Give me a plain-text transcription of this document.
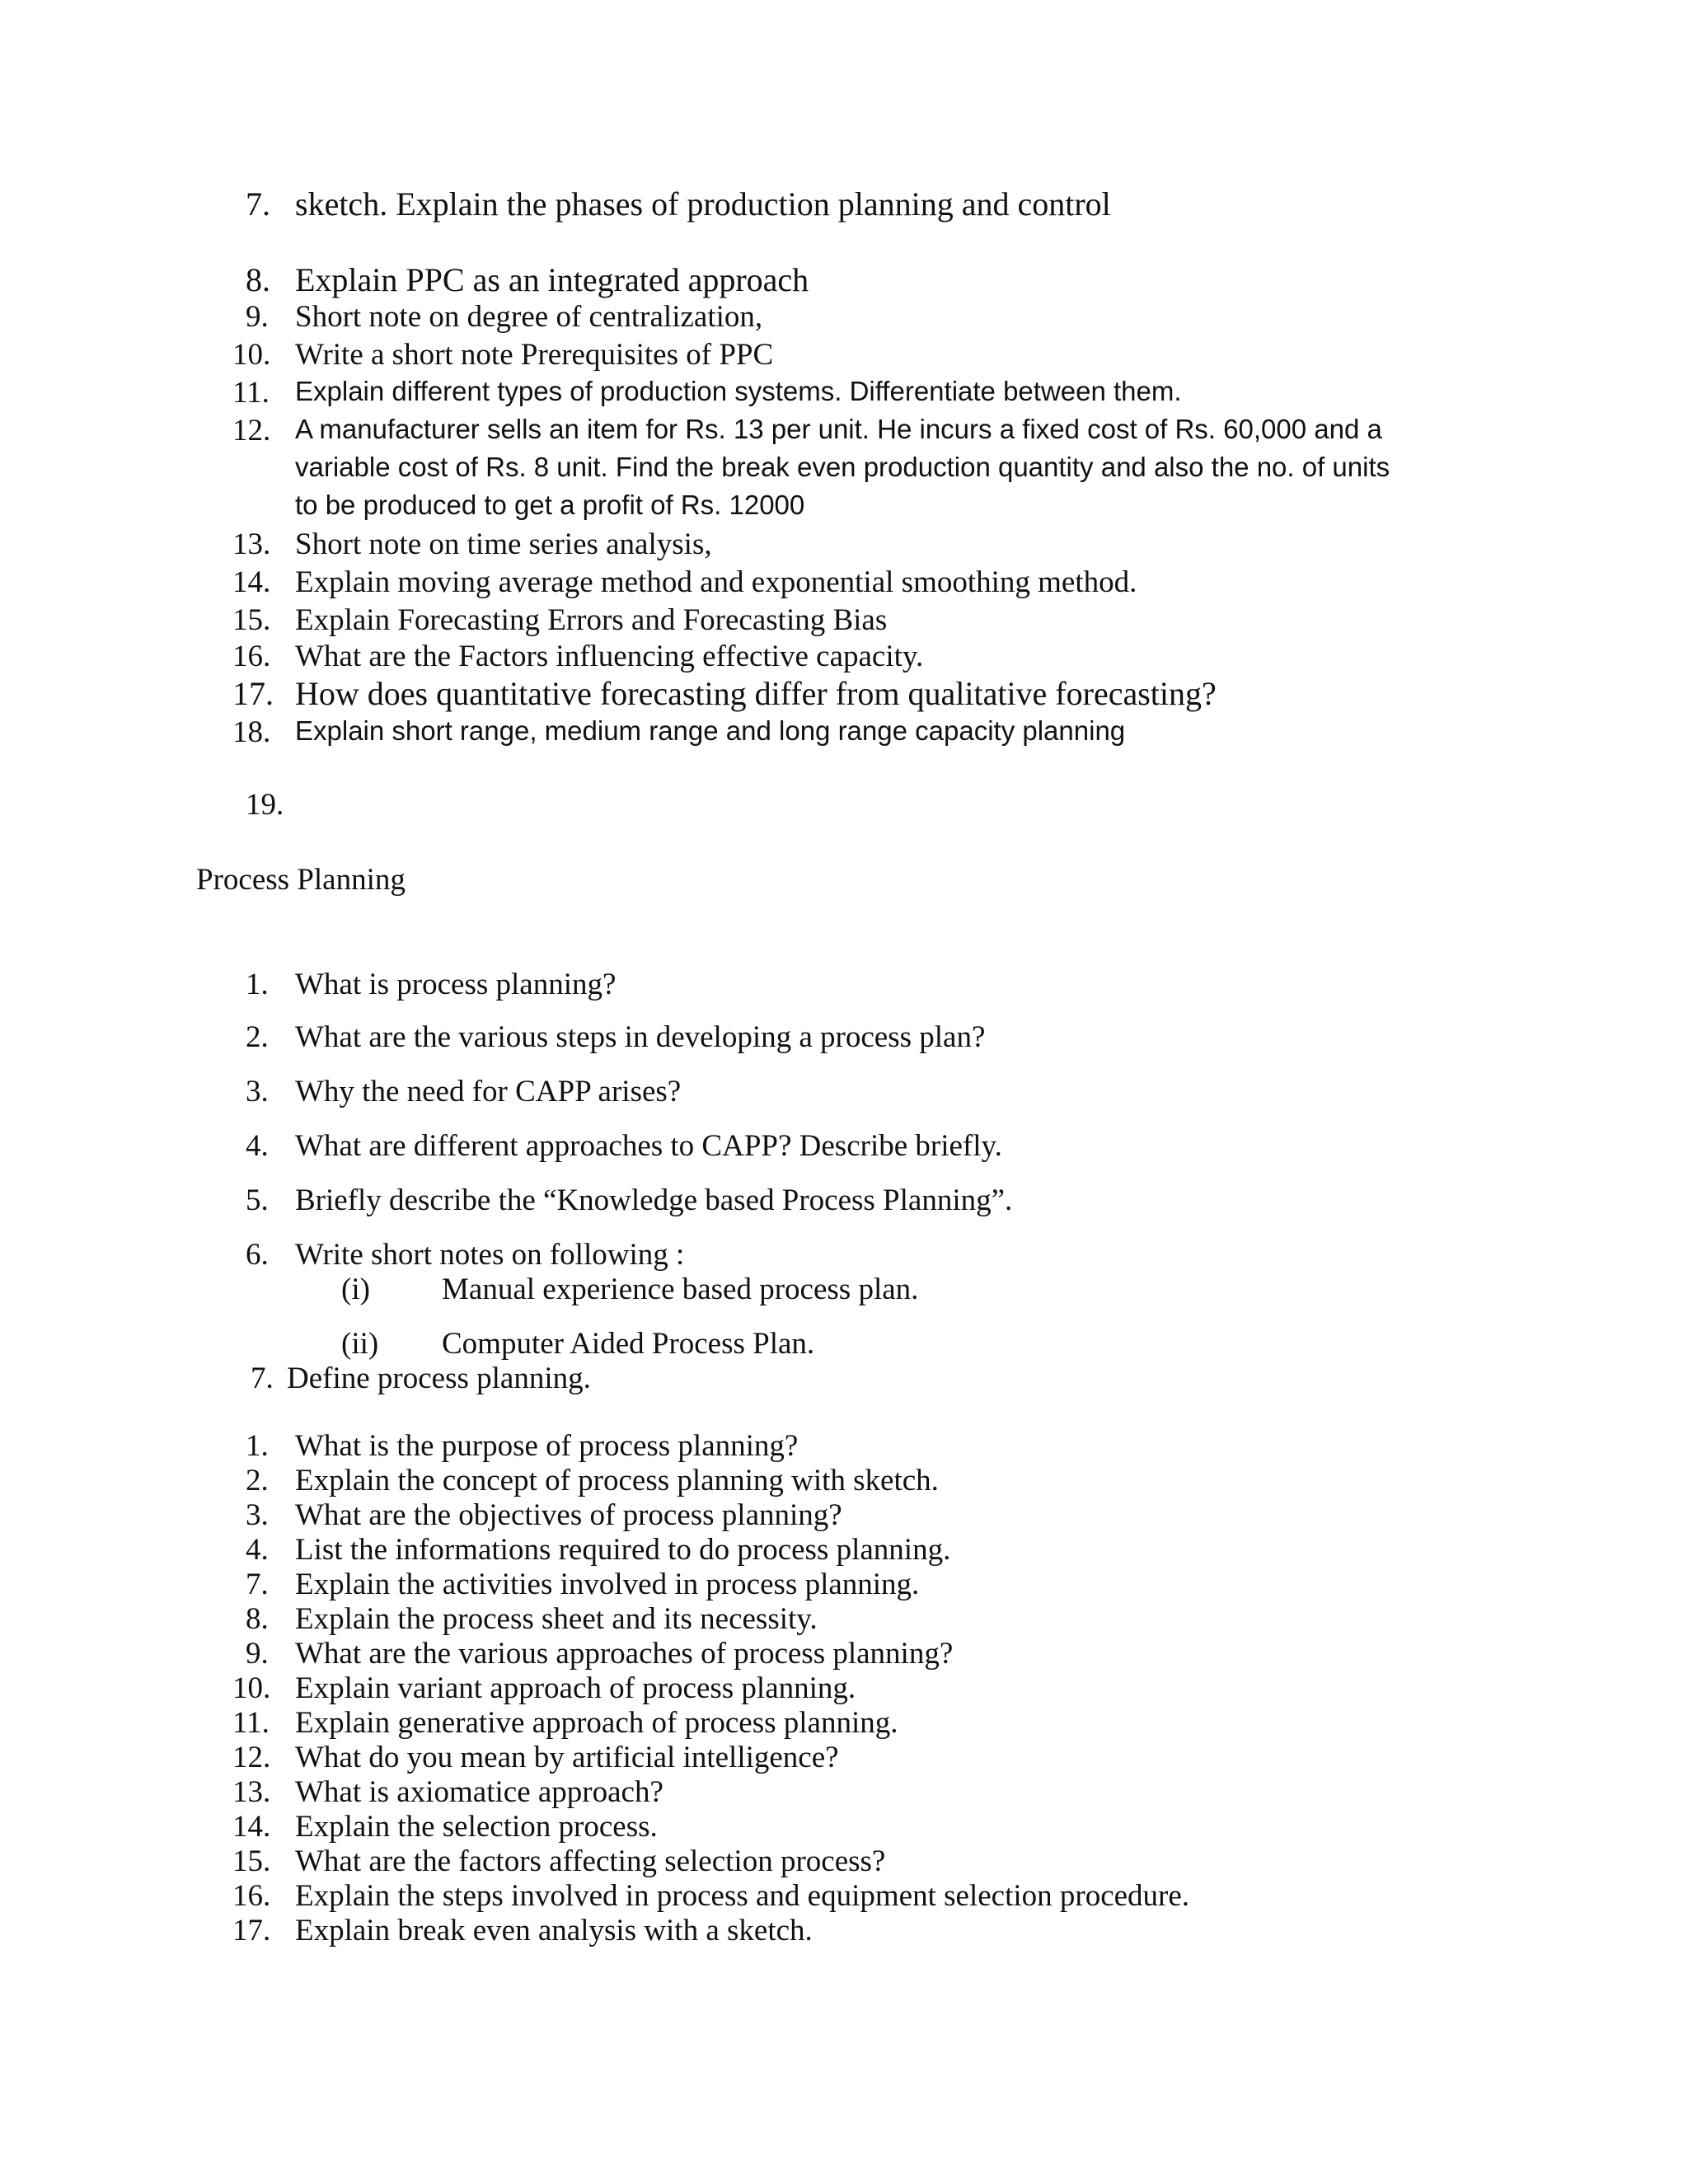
7. sketch. Explain the phases of production planning and control
8. Explain PPC as an integrated approach
9. Short note on degree of centralization,
10. Write a short note Prerequisites of PPC
11. Explain different types of production systems. Differentiate between them.
12. A manufacturer sells an item for Rs. 13 per unit. He incurs a fixed cost of Rs. 60,000 and a
variable cost of Rs. 8 unit. Find the break even production quantity and also the no. of units
to be produced to get a profit of Rs. 12000
13. Short note on time series analysis,
14. Explain moving average method and exponential smoothing method.
15. Explain Forecasting Errors and Forecasting Bias
16. What are the Factors influencing effective capacity.
17. How does quantitative forecasting differ from qualitative forecasting?
18. Explain short range, medium range and long range capacity planning
19.
Process Planning
1. What is process planning?
2. What are the various steps in developing a process plan?
3. Why the need for CAPP arises?
4. What are different approaches to CAPP? Describe briefly.
5. Briefly describe the “Knowledge based Process Planning”.
6. Write short notes on following :
(i) Manual experience based process plan.
(ii) Computer Aided Process Plan.
7. Define process planning.
1. What is the purpose of process planning?
2. Explain the concept of process planning with sketch.
3. What are the objectives of process planning?
4. List the informations required to do process planning.
7. Explain the activities involved in process planning.
8. Explain the process sheet and its necessity.
9. What are the various approaches of process planning?
10. Explain variant approach of process planning.
11. Explain generative approach of process planning.
12. What do you mean by artificial intelligence?
13. What is axiomatice approach?
14. Explain the selection process.
15. What are the factors affecting selection process?
16. Explain the steps involved in process and equipment selection procedure.
17. Explain break even analysis with a sketch.
